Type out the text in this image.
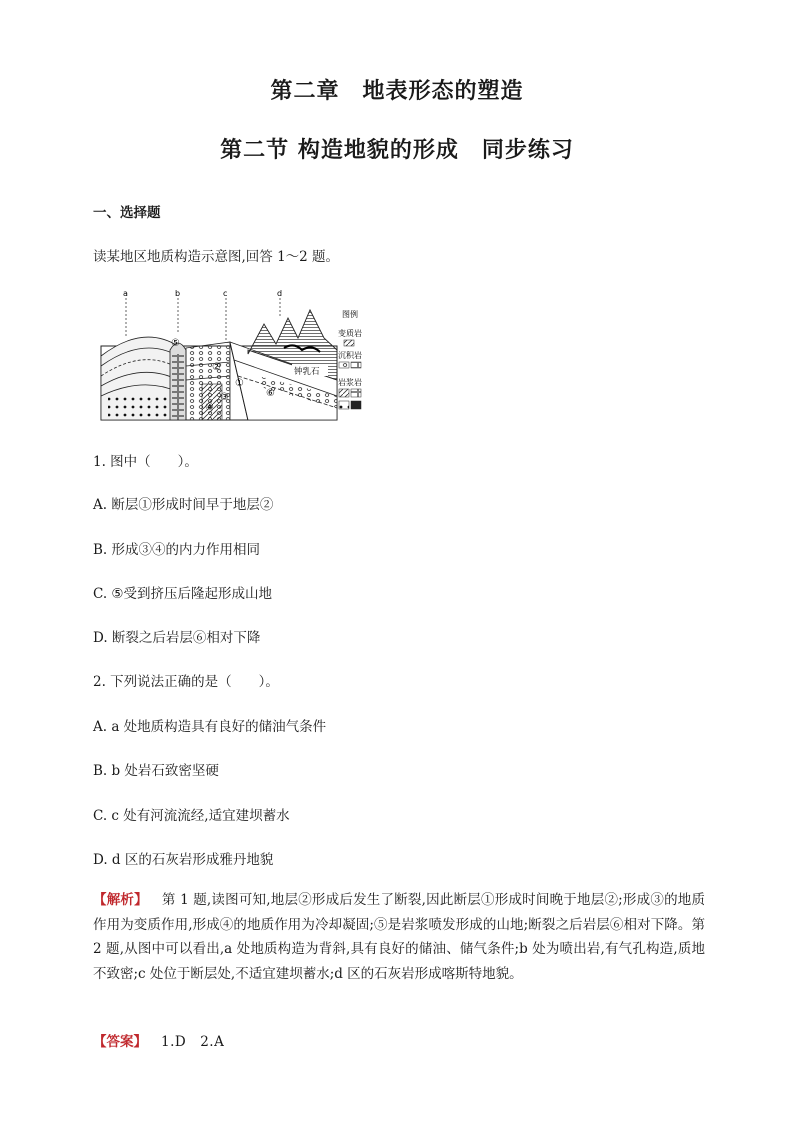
第二章　地表形态的塑造
第二节 构造地貌的形成　同步练习
一、选择题
读某地区地质构造示意图,回答 1～2 题。
a	b	c	d
①
②
③
④
⑤
⑥
钟乳石
图例
变质岩
沉积岩
岩浆岩
1. 图中（　　）。
A. 断层①形成时间早于地层②
B. 形成③④的内力作用相同
C. ⑤受到挤压后隆起形成山地
D. 断裂之后岩层⑥相对下降
2. 下列说法正确的是（　　）。
A. a 处地质构造具有良好的储油气条件
B. b 处岩石致密坚硬
C. c 处有河流流经,适宜建坝蓄水
D. d 区的石灰岩形成雅丹地貌
【解析】 第 1 题,读图可知,地层②形成后发生了断裂,因此断层①形成时间晚于地层②;形成③的地质作用为变质作用,形成④的地质作用为冷却凝固;⑤是岩浆喷发形成的山地;断裂之后岩层⑥相对下降。第 2 题,从图中可以看出,a 处地质构造为背斜,具有良好的储油、储气条件;b 处为喷出岩,有气孔构造,质地不致密;c 处位于断层处,不适宜建坝蓄水;d 区的石灰岩形成喀斯特地貌。
【答案】 1.D　2.A
